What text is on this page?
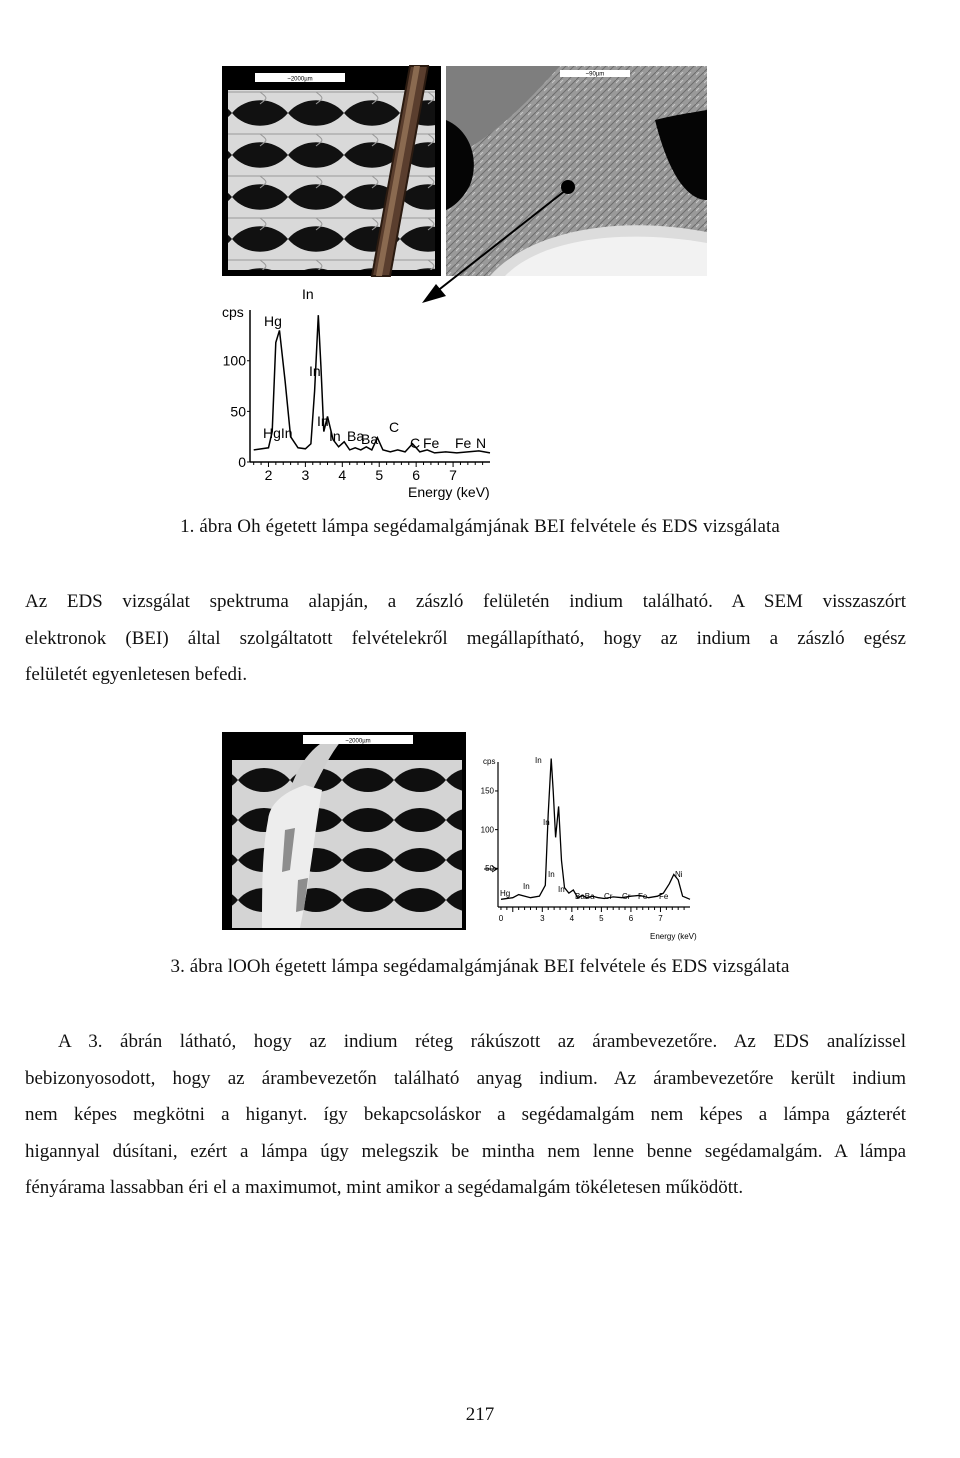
~2000µm
~90µm
2 3 4 5 6 7
0
50
100
cps
Energy (keV)
Hg
In
In
In
HgIn	In Ba
Ba
C
C Fe Fe N
~2000µm
0	3	4	5	6	7
50
100
150
cps
Energy (keV)
In
In
In	Ni
Hg
In	In
BaBa Cr Cr Fe Fe
1. ábra Oh égetett lámpa segédamalgámjának BEI felvétele és EDS vizsgálata
Az EDS vizsgálat spektruma alapján, a zászló felületén indium található. A SEM visszaszórt
elektronok (BEI) által szolgáltatott felvételekről megállapítható, hogy az indium a zászló egész
felületét egyenletesen befedi.
3. ábra lOOh égetett lámpa segédamalgámjának BEI felvétele és EDS vizsgálata
A 3. ábrán látható, hogy az indium réteg rákúszott az árambevezetőre. Az EDS analízissel
bebizonyosodott, hogy az árambevezetőn található anyag indium. Az árambevezetőre került indium
nem képes megkötni a higanyt. így bekapcsoláskor a segédamalgám nem képes a lámpa gázterét
higannyal dúsítani, ezért a lámpa úgy melegszik be mintha nem lenne benne segédamalgám. A lámpa
fényárama lassabban éri el a maximumot, mint amikor a segédamalgám tökéletesen működött.
217
